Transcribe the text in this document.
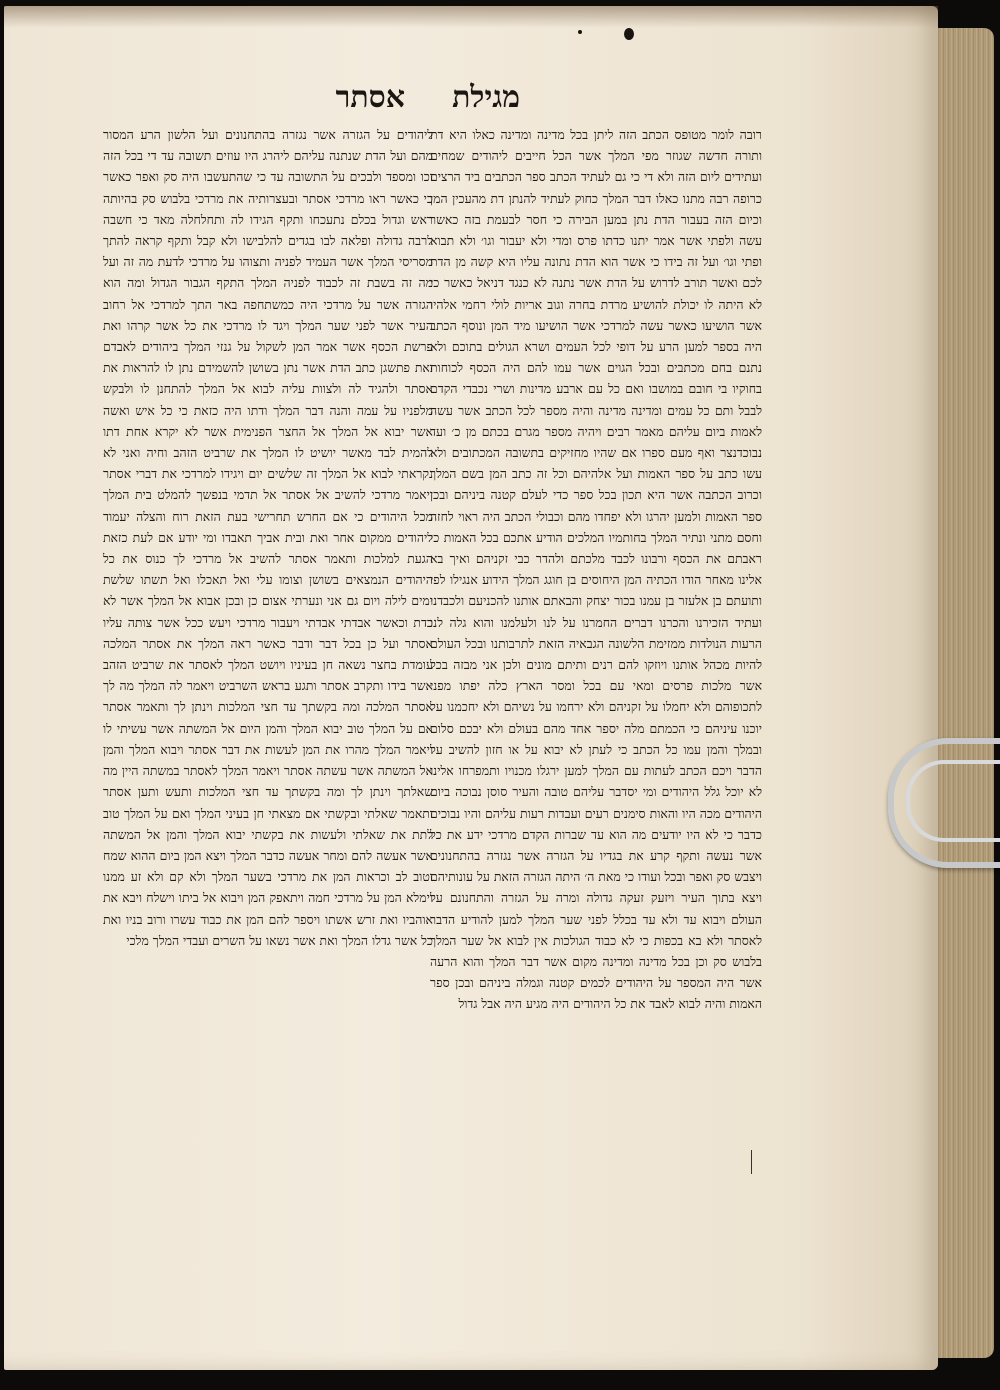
מגילת
אסתר

רובה לומר מטופס הכתב הזה ליתן בכל מדינה ומדינה כאלו היא דת ותורה חדשה שגוזר מפי המלך אשר הכל חייבים ליהודים שמחים ועתידים ליום הזה ולא די כי גם לעתיד הכתב ספר הכתבים ביד הרצים כרופה רבה מתנו כאלו דבר המלך כחוק לעתיד להנתן דת מהעכין המן וכיום הזה בעבור הדת נתן במען הבירה כי חסר לבעמת בזה כאשר עשה ולפתי אשר אמר יתנו כדתו פרס ומדי ולא יעבור וגו׳ ולא תבוא ופתי וגו׳ ועל זה בידו כי אשר הוא הדת נתונה עליו היא קשה מן הדת לכם ואשר תורב לדרוש על הדת אשר נתנה לא כנגד דניאל כאשר כי לא היתה לו יכולת להושיע מרדת בחרה וגוב אריות לולי רחמי אלהיו אשר הושיעו כאשר עשה למרדכי אשר הושיעו מיד המן ונוסף הכתב היה בספר למען הרע על דופי לכל העמים ושרא הגולים בתוכם ולא נתנם בחם מכתבים ובכל הגוים אשר עמו להם היה הכסף לכוחות בחוקיו בי חובם במושבו ואם כל עם ארבע מדינות ושרי נכבדי הקדם לבבל ותם כל עמים ומדינה מדינה והיה מספר לכל הכתב אשר עשה לאמות ביום עליהם מאמר רבים ויהיה מספר מגרם בכתם מן כ׳ ועד נבוכדנצר ואף מעם ספרו אם שהיו מחזיקים בתשובה המכתובים ולא עשו כתב על ספר האמות ועל אלהיהם וכל זה כתב המן בשם המלך וכרוב הכתבה אשר היא תכון בכל ספר כדי לעלם קטנה ביניהם ובכן ספר האמות ולמען יהרגו ולא יפחדו מהם וכבולי הכתב היה ראוי לחזה וחסם מתני ונתיר המלך בחותמיו המלכים הודיע אתכם בכל האמות כי ראבתם את הכסף ורבונו לכבד מלכתם ולהדר כבי זקניהם ואיך בא אלינו מאחר הודו הכתיה המן היחוסים בן חוגג המלך הידוע אנגילו לפי ותועתם בן אלעזר בן עמנו בכור יצחק והבאתם אותנו להכניעם ולכבדנו ועתיד הזכירנו והכרנו דברים החמרנו על לנו ולעלמנו והוא גלה לנו הרעות הנולדות ממזימת הלשונה הגבאיה הזאת לתרבותנו ובכל העולם להיות מכהל אותנו ויוזקו להם רנים ותיתם מונים ולכן אני מבזה בכל אשר מלכות פרסים ומאי עם בכל ומסר הארץ כלה יפתו מפני לתכופוהם ולא יחמלו על זקניהם ולא ירחמו על נשיהם ולא יחכמנו על יוכנו עיניהם כי הכמתם מלה יספר אחד מהם בעולם ולא יבכם סלום ובמלך והמן עמו כל הכתב כי לעתן לא יבוא על או חזון להשיב על הדבר ויכם הכתב לעתות עם המלך למען ירגלו מכנויו ותמפרחו אלינו לא יוכל גלל היהודים ומי יסדבר עליהם טובה והעיר סוסן נבוכה ביום היהודים מכה היו והאות סימנים רעים ועבדות רעות עליהם והיו נבוכים כדבר כי לא היו יודעים מה הוא עד שברות הקדם מרדכי ידע את כל אשר נעשה ותקף קרע את בגדיו על הגזרה אשר נגזרה בהתחנונים ויצבש סק ואפר ובכל ועודו כי מאת ה׳ היתה הגזרה הזאת על עונותיהם ויצא בתוך העיר ויזעק זעקה גדולה ומרה על הגזרה והתחנונם על העולם ויבוא עד ולא עד בכלל לפני שער המלך למען להודיע הדבר לאסתר ולא בא בכפות כי לא כבוד הגולכות אין לבוא אל שער המלך בלבוש סק וכן בכל מדינה ומדינה מקום אשר דבר המלך והוא הרעה אשר היה המספר על היהודים לכמים קטנה וגמלה ביניהם ובכן ספר האמות והיה לבוא לאבד את כל היהודים היה מגיע היה אבל גדול

ליהודים על הגזרה אשר נגזרה בהתחנונים ועל הלשון הרע המסור מהם ועל הדת שנתנה עליהם ליהרג היו עוזים תשובה עד די בכל הזה וכו ומספד ולבכים על התשובה עד כי שהתעשבו היה סק ואפר כאשר כי כאשר ראו מרדכי אסתר ובעצרותיה את מרדכי בלבוש סק בהיותה ראש וגדול בכלם נתעכחו ותקף הגידו לה ותחלחלה מאד כי חשבה לרבה גדולה ופלאה לבו בגדים להלבישו ולא קבל ותקף קראה להתך מסריסי המלך אשר העמיד לפניה ותצוהו על מרדכי לדעת מה זה ועל מה זה בשבת זה לכבוד לפניה המלך התקף הגבור הגדול ומה הוא הגזרה אשר על מרדכי היה כמשתחפה באר התך למרדכי אל רחוב העיר אשר לפני שער המלך ויגד לו מרדכי את כל אשר קרהו ואת פרשת הכסף אשר אמר המן לשקול על גנזי המלך ביהודים לאבדם ואת פתשגן כתב הדת אשר נתן בשושן להשמידם נתן לו להראות את אסתר ולהגיד לה ולצוות עליה לבוא אל המלך להתחנן לו ולבקש מלפניו על עמה והנה דבר המלך ודתו היה כזאת כי כל איש ואשה אשר יבוא אל המלך אל החצר הפנימית אשר לא יקרא אחת דתו להמית לבד מאשר יושיט לו המלך את שרביט הזהב וחיה ואני לא נקראתי לבוא אל המלך זה שלשים יום ויגידו למרדכי את דברי אסתר ויאמר מרדכי להשיב אל אסתר אל תדמי בנפשך להמלט בית המלך מכל היהודים כי אם החרש תחרישי בעת הזאת רוח והצלה יעמוד ליהודים ממקום אחר ואת ובית אביך תאבדו ומי יודע אם לעת כזאת הגעת למלכות ותאמר אסתר להשיב אל מרדכי לך כנוס את כל היהודים הנמצאים בשושן וצומו עלי ואל תאכלו ואל תשתו שלשת ימים לילה ויום גם אני ונערתי אצום כן ובכן אבוא אל המלך אשר לא כדת וכאשר אבדתי אבדתי ויעבור מרדכי ויעש ככל אשר צותה עליו אסתר ועל כן בכל דבר ודבר כאשר ראה המלך את אסתר המלכה עומדת בחצר נשאה חן בעיניו ויושט המלך לאסתר את שרביט הזהב אשר בידו ותקרב אסתר ותגע בראש השרביט ויאמר לה המלך מה לך אסתר המלכה ומה בקשתך עד חצי המלכות וינתן לך ותאמר אסתר אם על המלך טוב יבוא המלך והמן היום אל המשתה אשר עשיתי לו ויאמר המלך מהרו את המן לעשות את דבר אסתר ויבוא המלך והמן אל המשתה אשר עשתה אסתר ויאמר המלך לאסתר במשתה היין מה שאלתך וינתן לך ומה בקשתך עד חצי המלכות ותעש ותען אסתר ותאמר שאלתי ובקשתי אם מצאתי חן בעיני המלך ואם על המלך טוב לתת את שאלתי ולעשות את בקשתי יבוא המלך והמן אל המשתה אשר אעשה להם ומחר אעשה כדבר המלך ויצא המן ביום ההוא שמח וטוב לב וכראות המן את מרדכי בשער המלך ולא קם ולא זע ממנו וימלא המן על מרדכי חמה ויתאפק המן ויבוא אל ביתו וישלח ויבא את אוהביו ואת זרש אשתו ויספר להם המן את כבוד עשרו ורוב בניו ואת כל אשר גדלו המלך ואת אשר נשאו על השרים ועבדי המלך מלכי
